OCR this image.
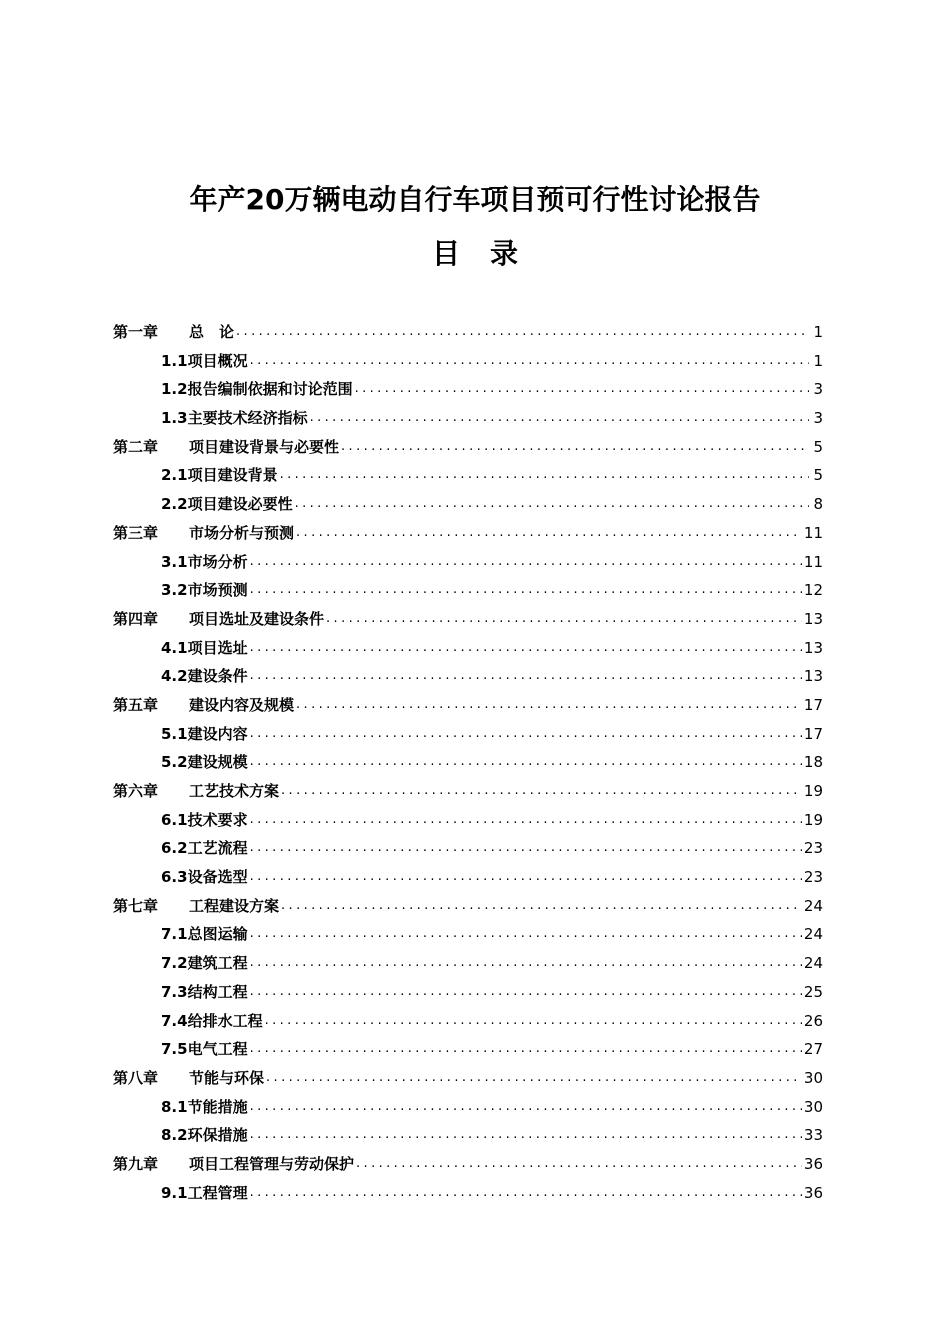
年产20万辆电动自行车项目预可行性讨论报告
目 录
第一章	总　论 .....	1
1.1项目概况 .....	1
1.2报告编制依据和讨论范围 .....	3
1.3主要技术经济指标 .....	3
第二章	项目建设背景与必要性 .....	5
2.1项目建设背景 .....	5
2.2项目建设必要性 .....	8
第三章	市场分析与预测 .....	11
3.1市场分析 .....	11
3.2市场预测 .....	12
第四章	项目选址及建设条件 .....	13
4.1项目选址 .....	13
4.2建设条件 .....	13
第五章	建设内容及规模 .....	17
5.1建设内容 .....	17
5.2建设规模 .....	18
第六章	工艺技术方案 .....	19
6.1技术要求 .....	19
6.2工艺流程 .....	23
6.3设备选型 .....	23
第七章	工程建设方案 .....	24
7.1总图运输 .....	24
7.2建筑工程 .....	24
7.3结构工程 .....	25
7.4给排水工程 .....	26
7.5电气工程 .....	27
第八章	节能与环保 .....	30
8.1节能措施 .....	30
8.2环保措施 .....	33
第九章	项目工程管理与劳动保护 .....	36
9.1工程管理 .....	36
